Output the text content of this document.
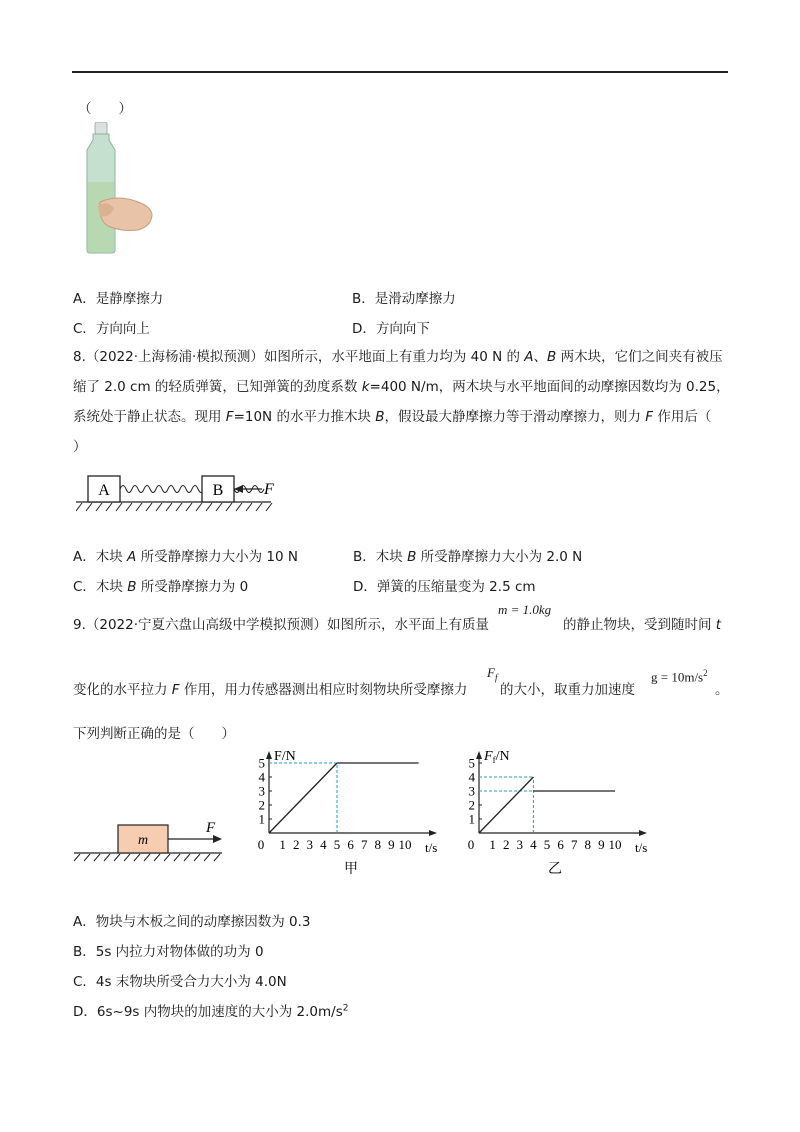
（　　）
A．是静摩擦力	B．是滑动摩擦力
C．方向向上	D．方向向下
8.（2022·上海杨浦·模拟预测）如图所示，水平地面上有重力均为 40 N 的 A、B 两木块，它们之间夹有被压
缩了 2.0 cm 的轻质弹簧，已知弹簧的劲度系数 k=400 N/m，两木块与水平地面间的动摩擦因数均为 0.25，
系统处于静止状态。现用 F=10N 的水平力推木块 B，假设最大静摩擦力等于滑动摩擦力，则力 F 作用后（
）
A	B	F
A．木块 A 所受静摩擦力大小为 10 N	B．木块 B 所受静摩擦力大小为 2.0 N
C．木块 B 所受静摩擦力为 0	D．弹簧的压缩量变为 2.5 cm
9.（2022·宁夏六盘山高级中学模拟预测）如图所示，水平面上有质量
m = 1.0kg
的静止物块，受到随时间 t
变化的水平拉力 F 作用，用力传感器测出相应时刻物块所受摩擦力
$F_f$
的大小，取重力加速度
$g = 10m/s^2$
。
下列判断正确的是（　　）
m
F
F/N
t/s
甲
0 1 2 3 4 5 6 7 8 9 10
1
2
3
4
5	$F_f/N$
t/s
乙
0 1 2 3 4 5 6 7 8 9 10
1
2
3
4
5
A．物块与木板之间的动摩擦因数为 0.3
B．5s 内拉力对物体做的功为 0
C．4s 末物块所受合力大小为 4.0N
D．6s~9s 内物块的加速度的大小为 $2.0m/s^2$
